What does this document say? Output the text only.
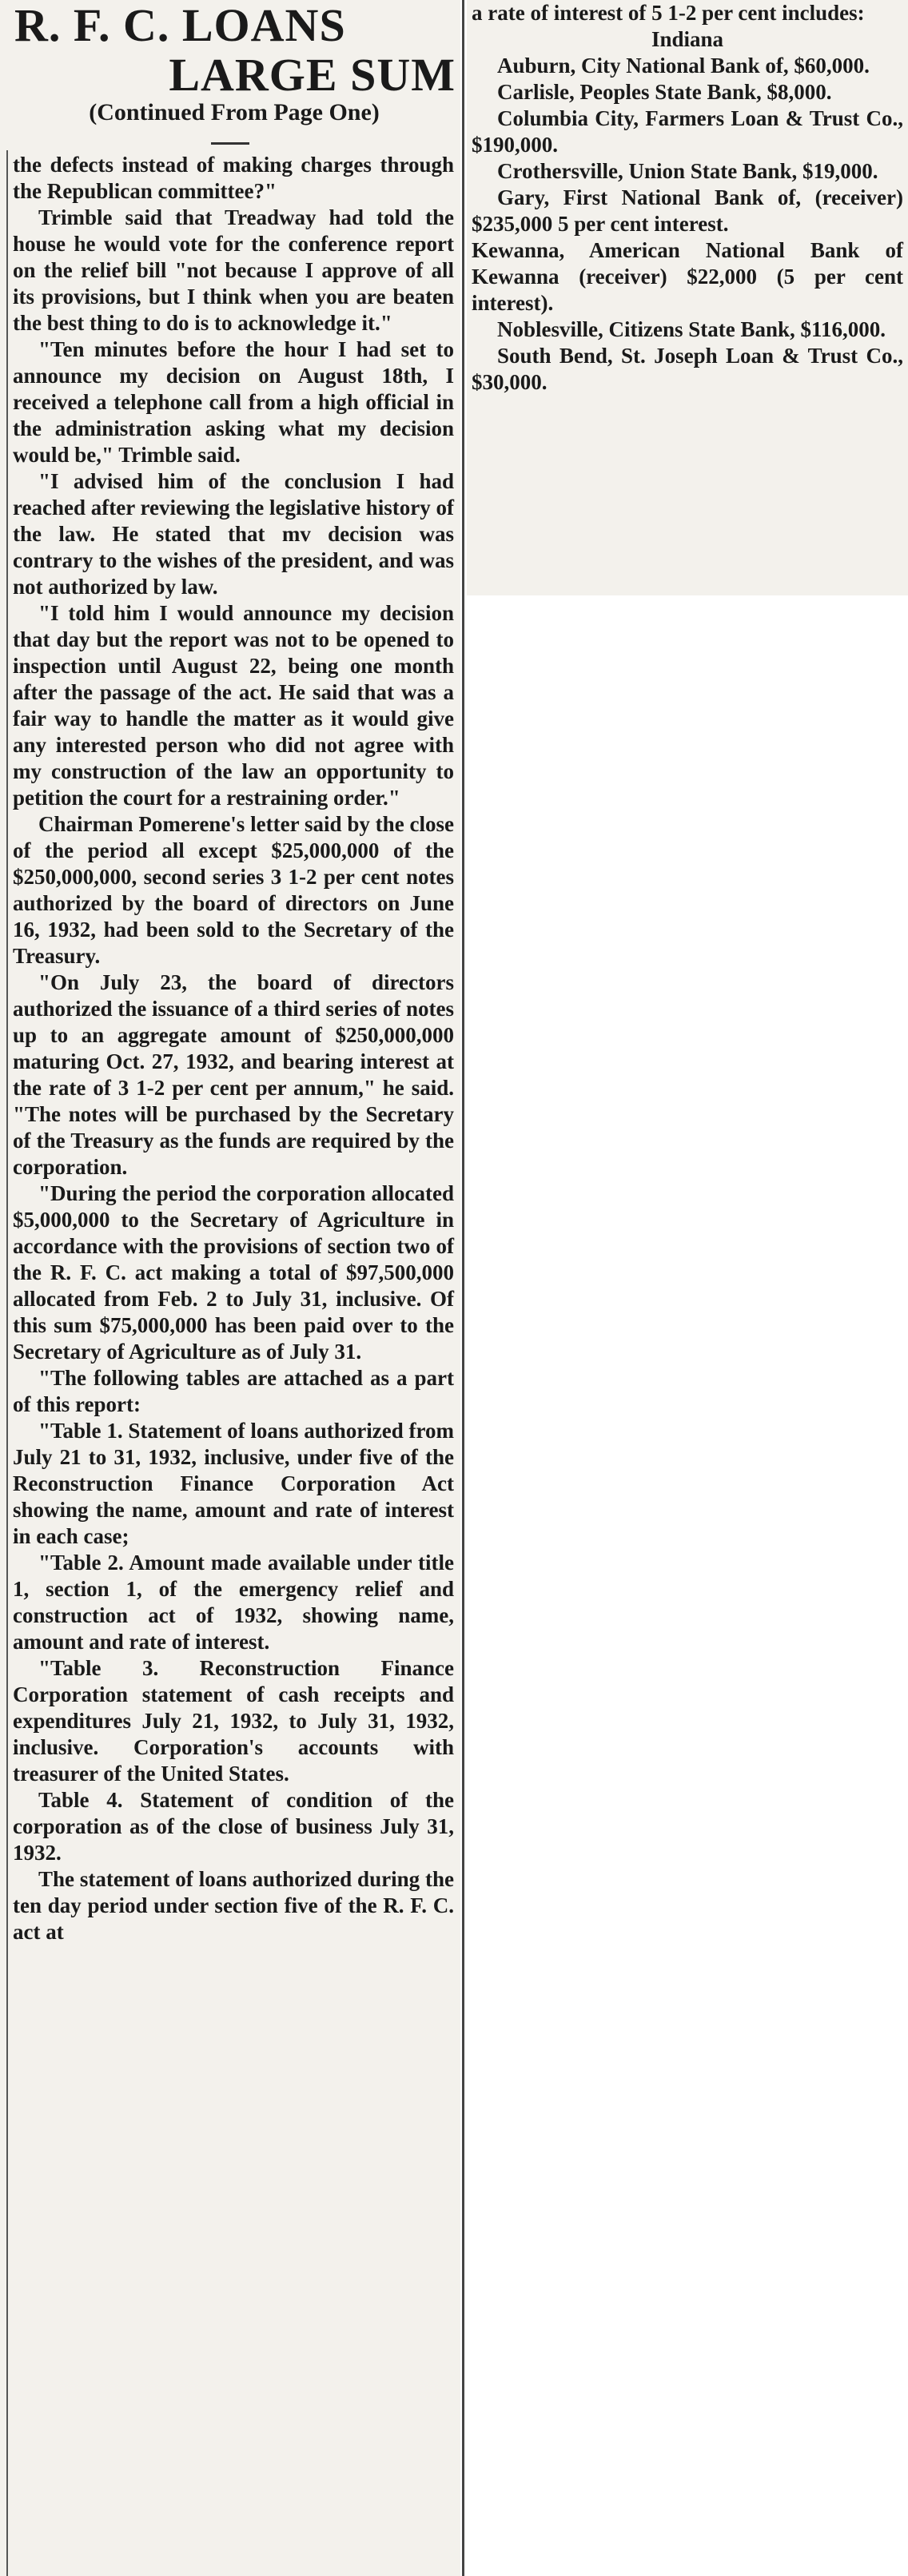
R. F. C. LOANS
LARGE SUM
(Continued From Page One)

the defects instead of making charges through the Republican committee?"

Trimble said that Treadway had told the house he would vote for the conference report on the relief bill "not because I approve of all its provisions, but I think when you are beaten the best thing to do is to acknowledge it."

"Ten minutes before the hour I had set to announce my decision on August 18th, I received a telephone call from a high official in the administration asking what my decision would be," Trimble said.

"I advised him of the conclusion I had reached after reviewing the legislative history of the law. He stated that mv decision was contrary to the wishes of the president, and was not authorized by law.

"I told him I would announce my decision that day but the report was not to be opened to inspection until August 22, being one month after the passage of the act. He said that was a fair way to handle the matter as it would give any interested person who did not agree with my construction of the law an opportunity to petition the court for a restraining order."

Chairman Pomerene's letter said by the close of the period all except $25,000,000 of the $250,000,000, second series 3 1-2 per cent notes authorized by the board of directors on June 16, 1932, had been sold to the Secretary of the Treasury.

"On July 23, the board of directors authorized the issuance of a third series of notes up to an aggregate amount of $250,000,000 maturing Oct. 27, 1932, and bearing interest at the rate of 3 1-2 per cent per annum," he said. "The notes will be purchased by the Secretary of the Treasury as the funds are required by the corporation.

"During the period the corporation allocated $5,000,000 to the Secretary of Agriculture in accordance with the provisions of section two of the R. F. C. act making a total of $97,500,000 allocated from Feb. 2 to July 31, inclusive. Of this sum $75,000,000 has been paid over to the Secretary of Agriculture as of July 31.

"The following tables are attached as a part of this report:

"Table 1. Statement of loans authorized from July 21 to 31, 1932, inclusive, under five of the Reconstruction Finance Corporation Act showing the name, amount and rate of interest in each case;

"Table 2. Amount made available under title 1, section 1, of the emergency relief and construction act of 1932, showing name, amount and rate of interest.

"Table 3. Reconstruction Finance Corporation statement of cash receipts and expenditures July 21, 1932, to July 31, 1932, inclusive. Corporation's accounts with treasurer of the United States.

Table 4. Statement of condition of the corporation as of the close of business July 31, 1932.

The statement of loans authorized during the ten day period under section five of the R. F. C. act at

a rate of interest of 5 1-2 per cent includes:

Indiana

Auburn, City National Bank of, $60,000.

Carlisle, Peoples State Bank, $8,000.

Columbia City, Farmers Loan & Trust Co., $190,000.

Crothersville, Union State Bank, $19,000.

Gary, First National Bank of, (receiver) $235,000 5 per cent interest.

Kewanna, American National Bank of Kewanna (receiver) $22,000 (5 per cent interest).

Noblesville, Citizens State Bank, $116,000.

South Bend, St. Joseph Loan & Trust Co., $30,000.
